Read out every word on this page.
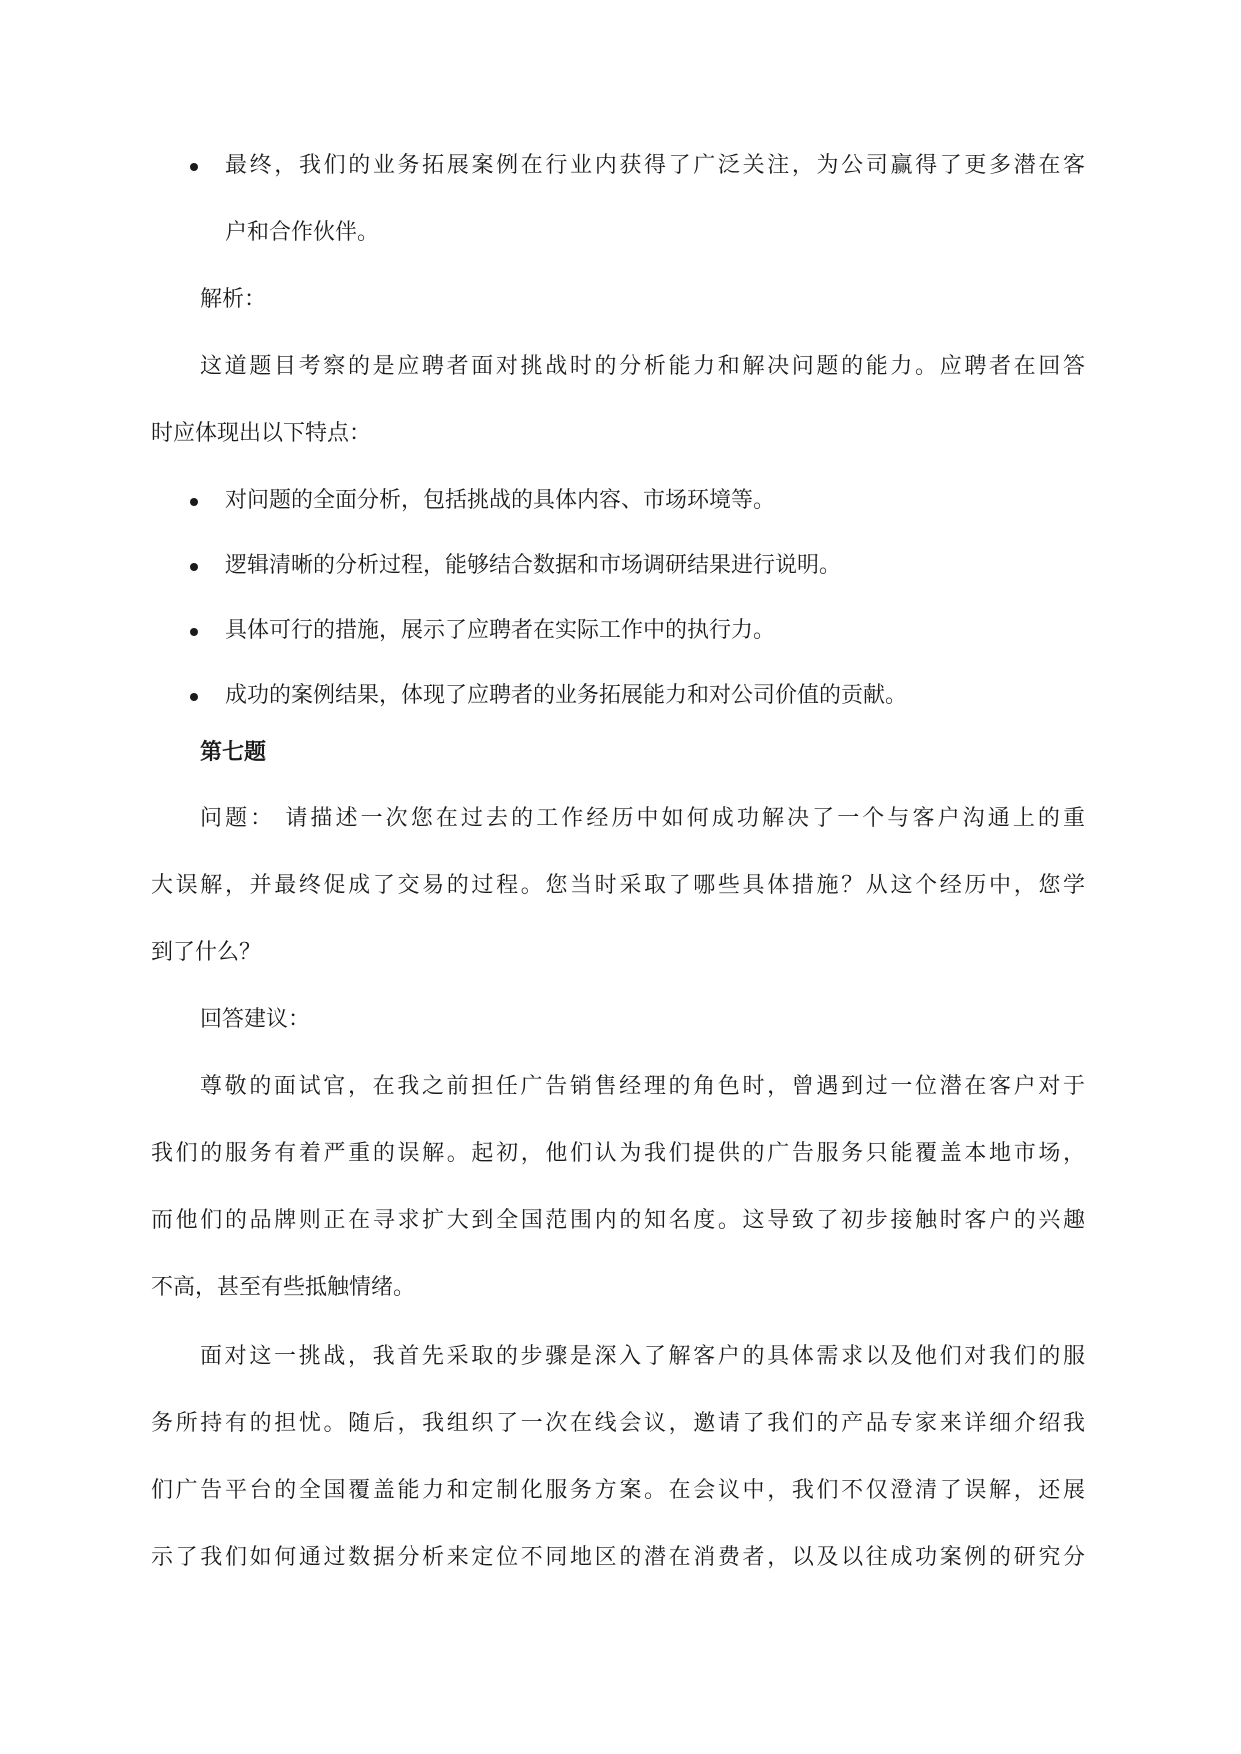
最终，我们的业务拓展案例在行业内获得了广泛关注，为公司赢得了更多潜在客
户和合作伙伴。
解析：
这道题目考察的是应聘者面对挑战时的分析能力和解决问题的能力。应聘者在回答
时应体现出以下特点：
对问题的全面分析，包括挑战的具体内容、市场环境等。
逻辑清晰的分析过程，能够结合数据和市场调研结果进行说明。
具体可行的措施，展示了应聘者在实际工作中的执行力。
成功的案例结果，体现了应聘者的业务拓展能力和对公司价值的贡献。
第七题
问题： 请描述一次您在过去的工作经历中如何成功解决了一个与客户沟通上的重
大误解，并最终促成了交易的过程。您当时采取了哪些具体措施？从这个经历中，您学
到了什么？
回答建议：
尊敬的面试官，在我之前担任广告销售经理的角色时，曾遇到过一位潜在客户对于
我们的服务有着严重的误解。起初，他们认为我们提供的广告服务只能覆盖本地市场，
而他们的品牌则正在寻求扩大到全国范围内的知名度。这导致了初步接触时客户的兴趣
不高，甚至有些抵触情绪。
面对这一挑战，我首先采取的步骤是深入了解客户的具体需求以及他们对我们的服
务所持有的担忧。随后，我组织了一次在线会议，邀请了我们的产品专家来详细介绍我
们广告平台的全国覆盖能力和定制化服务方案。在会议中，我们不仅澄清了误解，还展
示了我们如何通过数据分析来定位不同地区的潜在消费者，以及以往成功案例的研究分
